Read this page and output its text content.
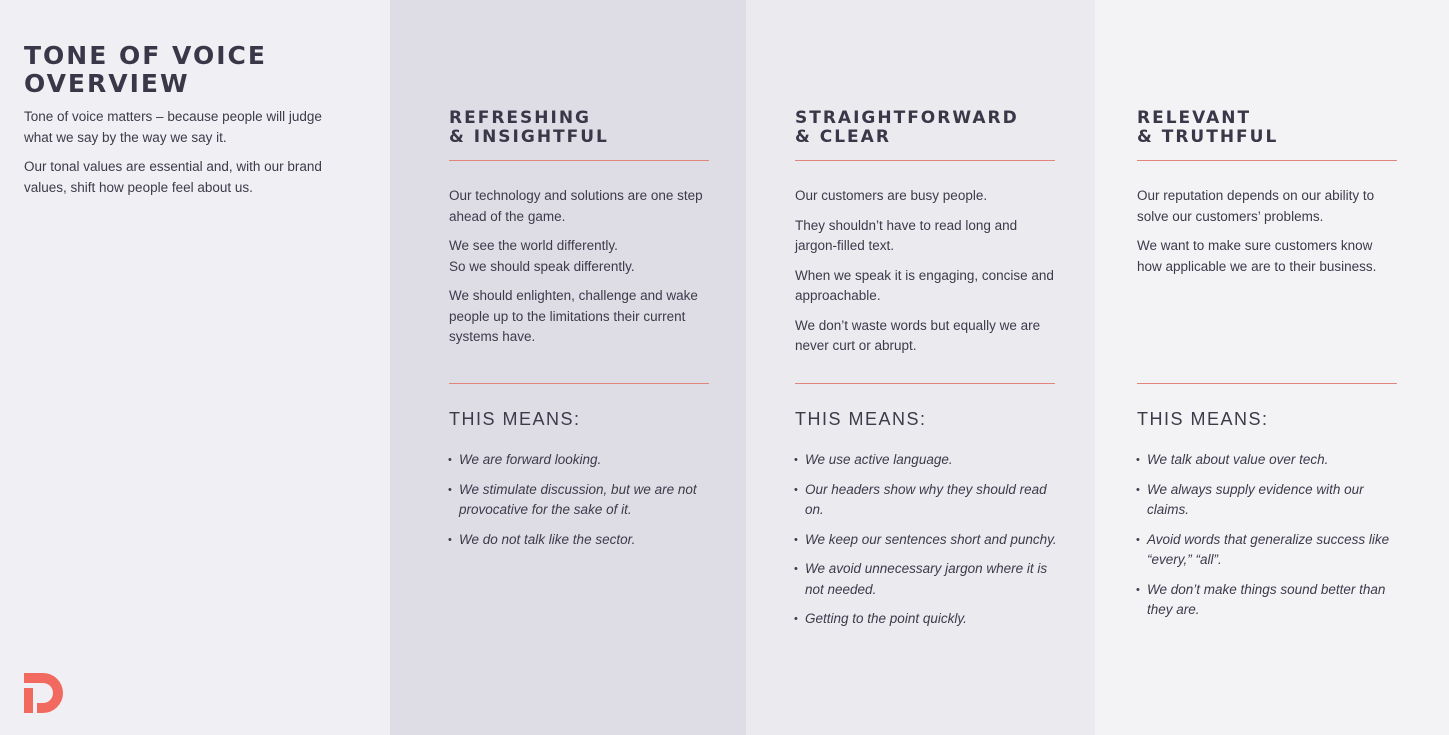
TONE OF VOICE
OVERVIEW

Tone of voice matters – because people will judge what we say by the way we say it.

Our tonal values are essential and, with our brand values, shift how people feel about us.

REFRESHING
& INSIGHTFUL

Our technology and solutions are one step ahead of the game.

We see the world differently.
So we should speak differently.

We should enlighten, challenge and wake people up to the limitations their current systems have.

THIS MEANS:
• We are forward looking.
• We stimulate discussion, but we are not provocative for the sake of it.
• We do not talk like the sector.
STRAIGHTFORWARD
& CLEAR

Our customers are busy people.

They shouldn’t have to read long and jargon-filled text.

When we speak it is engaging, concise and approachable.

We don’t waste words but equally we are never curt or abrupt.

THIS MEANS:
• We use active language.
• Our headers show why they should read on.
• We keep our sentences short and punchy.
• We avoid unnecessary jargon where it is not needed.
• Getting to the point quickly.
RELEVANT
& TRUTHFUL

Our reputation depends on our ability to solve our customers’ problems.

We want to make sure customers know how applicable we are to their business.

THIS MEANS:
• We talk about value over tech.
• We always supply evidence with our claims.
• Avoid words that generalize success like “every,” “all”.
• We don’t make things sound better than they are.
